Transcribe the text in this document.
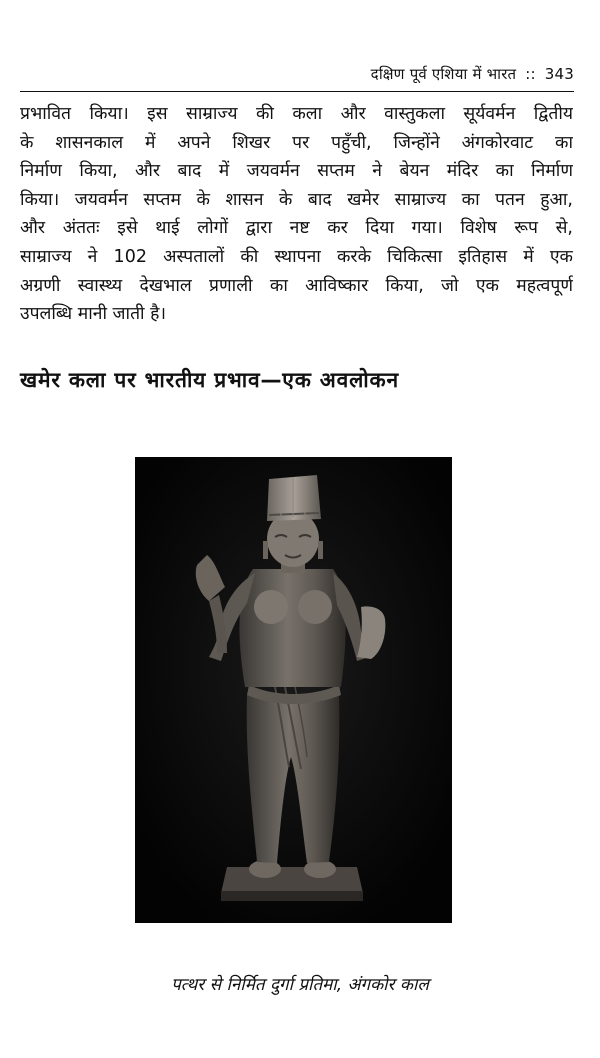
दक्षिण पूर्व एशिया में भारत :: 343

प्रभावित किया। इस साम्राज्य की कला और वास्तुकला सूर्यवर्मन द्वितीय
के शासनकाल में अपने शिखर पर पहुँची, जिन्होंने अंगकोरवाट का
निर्माण किया, और बाद में जयवर्मन सप्तम ने बेयन मंदिर का निर्माण
किया। जयवर्मन सप्तम के शासन के बाद खमेर साम्राज्य का पतन हुआ,
और अंततः इसे थाई लोगों द्वारा नष्ट कर दिया गया। विशेष रूप से,
साम्राज्य ने 102 अस्पतालों की स्थापना करके चिकित्सा इतिहास में एक
अग्रणी स्वास्थ्य देखभाल प्रणाली का आविष्कार किया, जो एक महत्वपूर्ण
उपलब्धि मानी जाती है।

खमेर कला पर भारतीय प्रभाव—एक अवलोकन

पत्थर से निर्मित दुर्गा प्रतिमा, अंगकोर काल
